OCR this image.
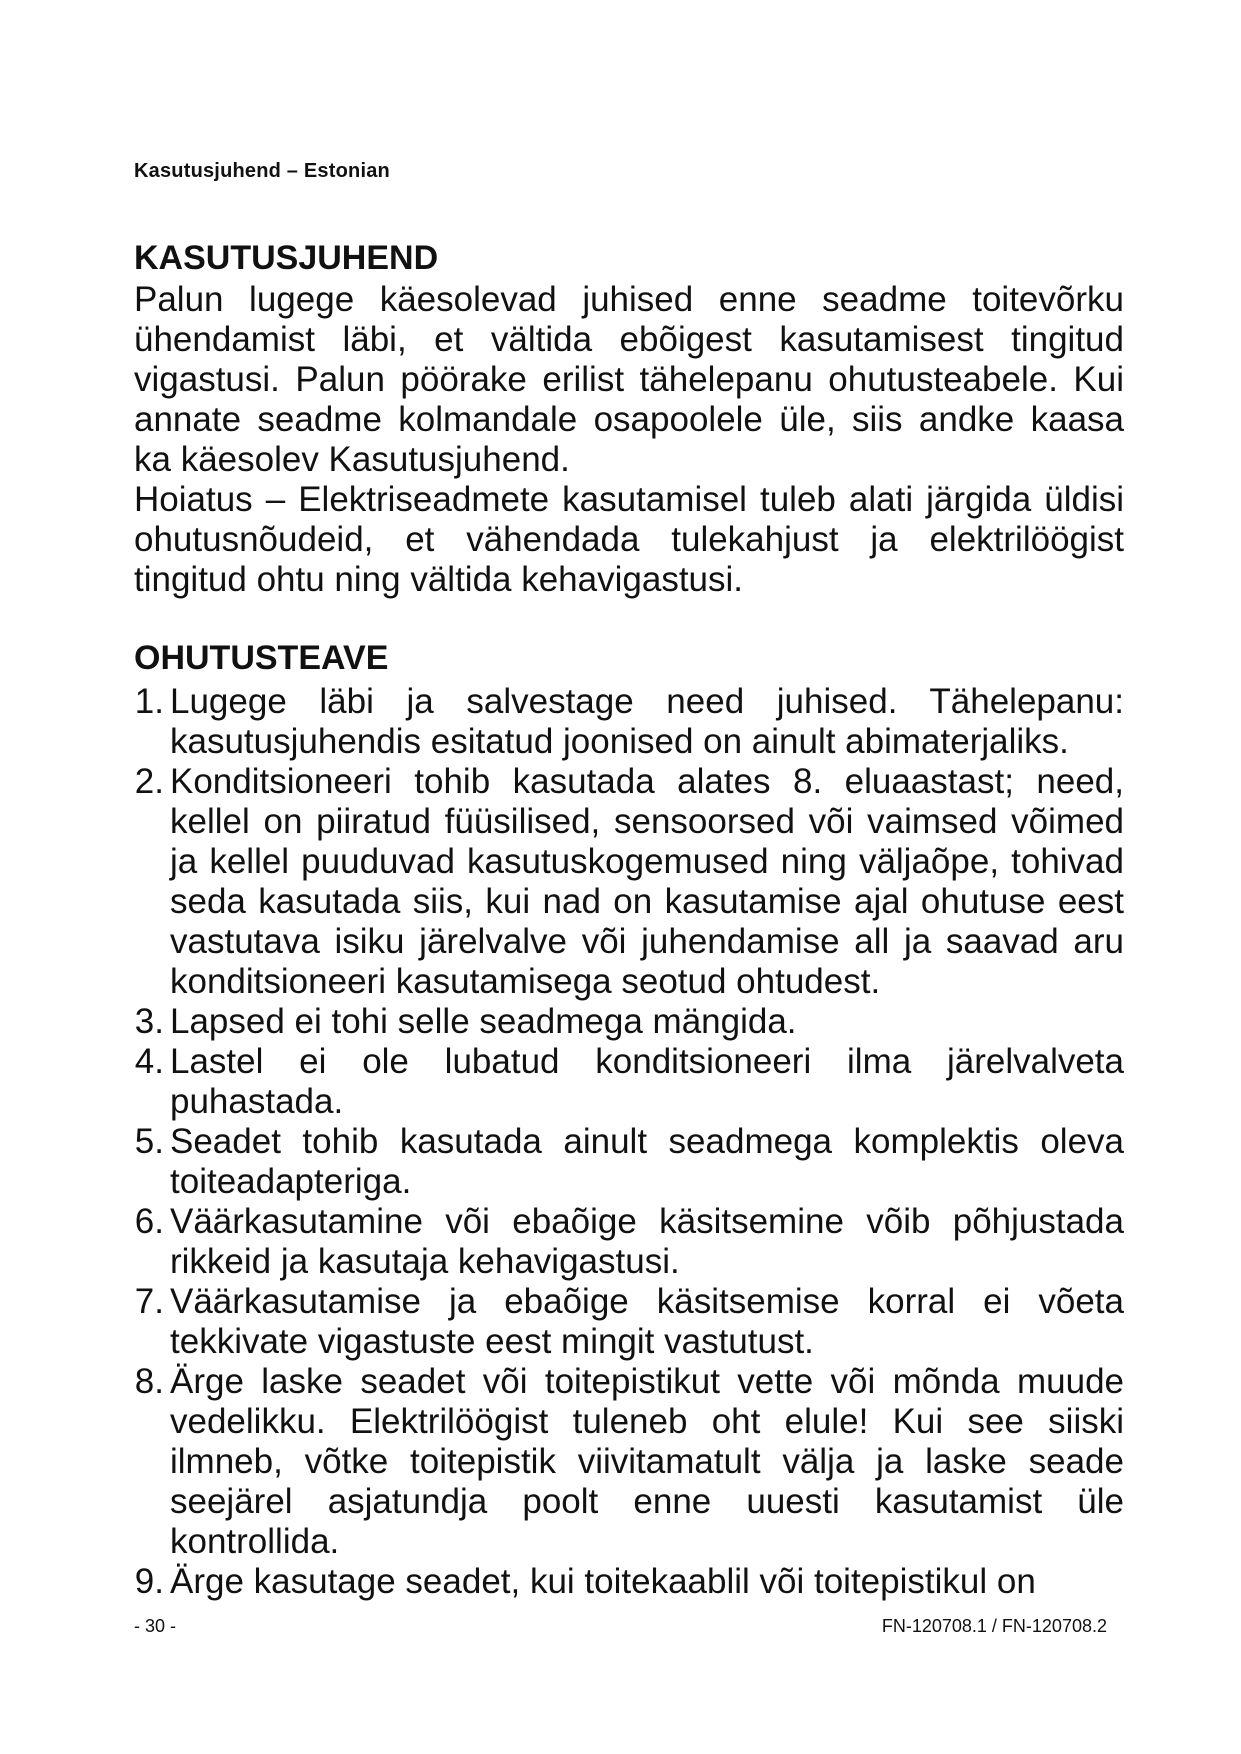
Kasutusjuhend – Estonian
KASUTUSJUHEND

Palun lugege käesolevad juhised enne seadme toitevõrku ühendamist läbi, et vältida ebõigest kasutamisest tingitud vigastusi. Palun pöörake erilist tähelepanu ohutusteabele. Kui annate seadme kolmandale osapoolele üle, siis andke kaasa ka käesolev Kasutusjuhend.

Hoiatus – Elektriseadmete kasutamisel tuleb alati järgida üldisi ohutusnõudeid, et vähendada tulekahjust ja elektrilöögist tingitud ohtu ning vältida kehavigastusi.

OHUTUSTEAVE
1. Lugege läbi ja salvestage need juhised. Tähelepanu: kasutusjuhendis esitatud joonised on ainult abimaterjaliks.
2. Konditsioneeri tohib kasutada alates 8. eluaastast; need, kellel on piiratud füüsilised, sensoorsed või vaimsed võimed ja kellel puuduvad kasutuskogemused ning väljaõpe, tohivad seda kasutada siis, kui nad on kasutamise ajal ohutuse eest vastutava isiku järelvalve või juhendamise all ja saavad aru konditsioneeri kasutamisega seotud ohtudest.
3. Lapsed ei tohi selle seadmega mängida.
4. Lastel ei ole lubatud konditsioneeri ilma järelvalveta puhastada.
5. Seadet tohib kasutada ainult seadmega komplektis oleva toiteadapteriga.
6. Väärkasutamine või ebaõige käsitsemine võib põhjustada rikkeid ja kasutaja kehavigastusi.
7. Väärkasutamise ja ebaõige käsitsemise korral ei võeta tekkivate vigastuste eest mingit vastutust.
8. Ärge laske seadet või toitepistikut vette või mõnda muude vedelikku. Elektrilöögist tuleneb oht elule! Kui see siiski ilmneb, võtke toitepistik viivitamatult välja ja laske seade seejärel asjatundja poolt enne uuesti kasutamist üle kontrollida.
9. Ärge kasutage seadet, kui toitekaablil või toitepistikul on
- 30 -	FN-120708.1 / FN-120708.2
